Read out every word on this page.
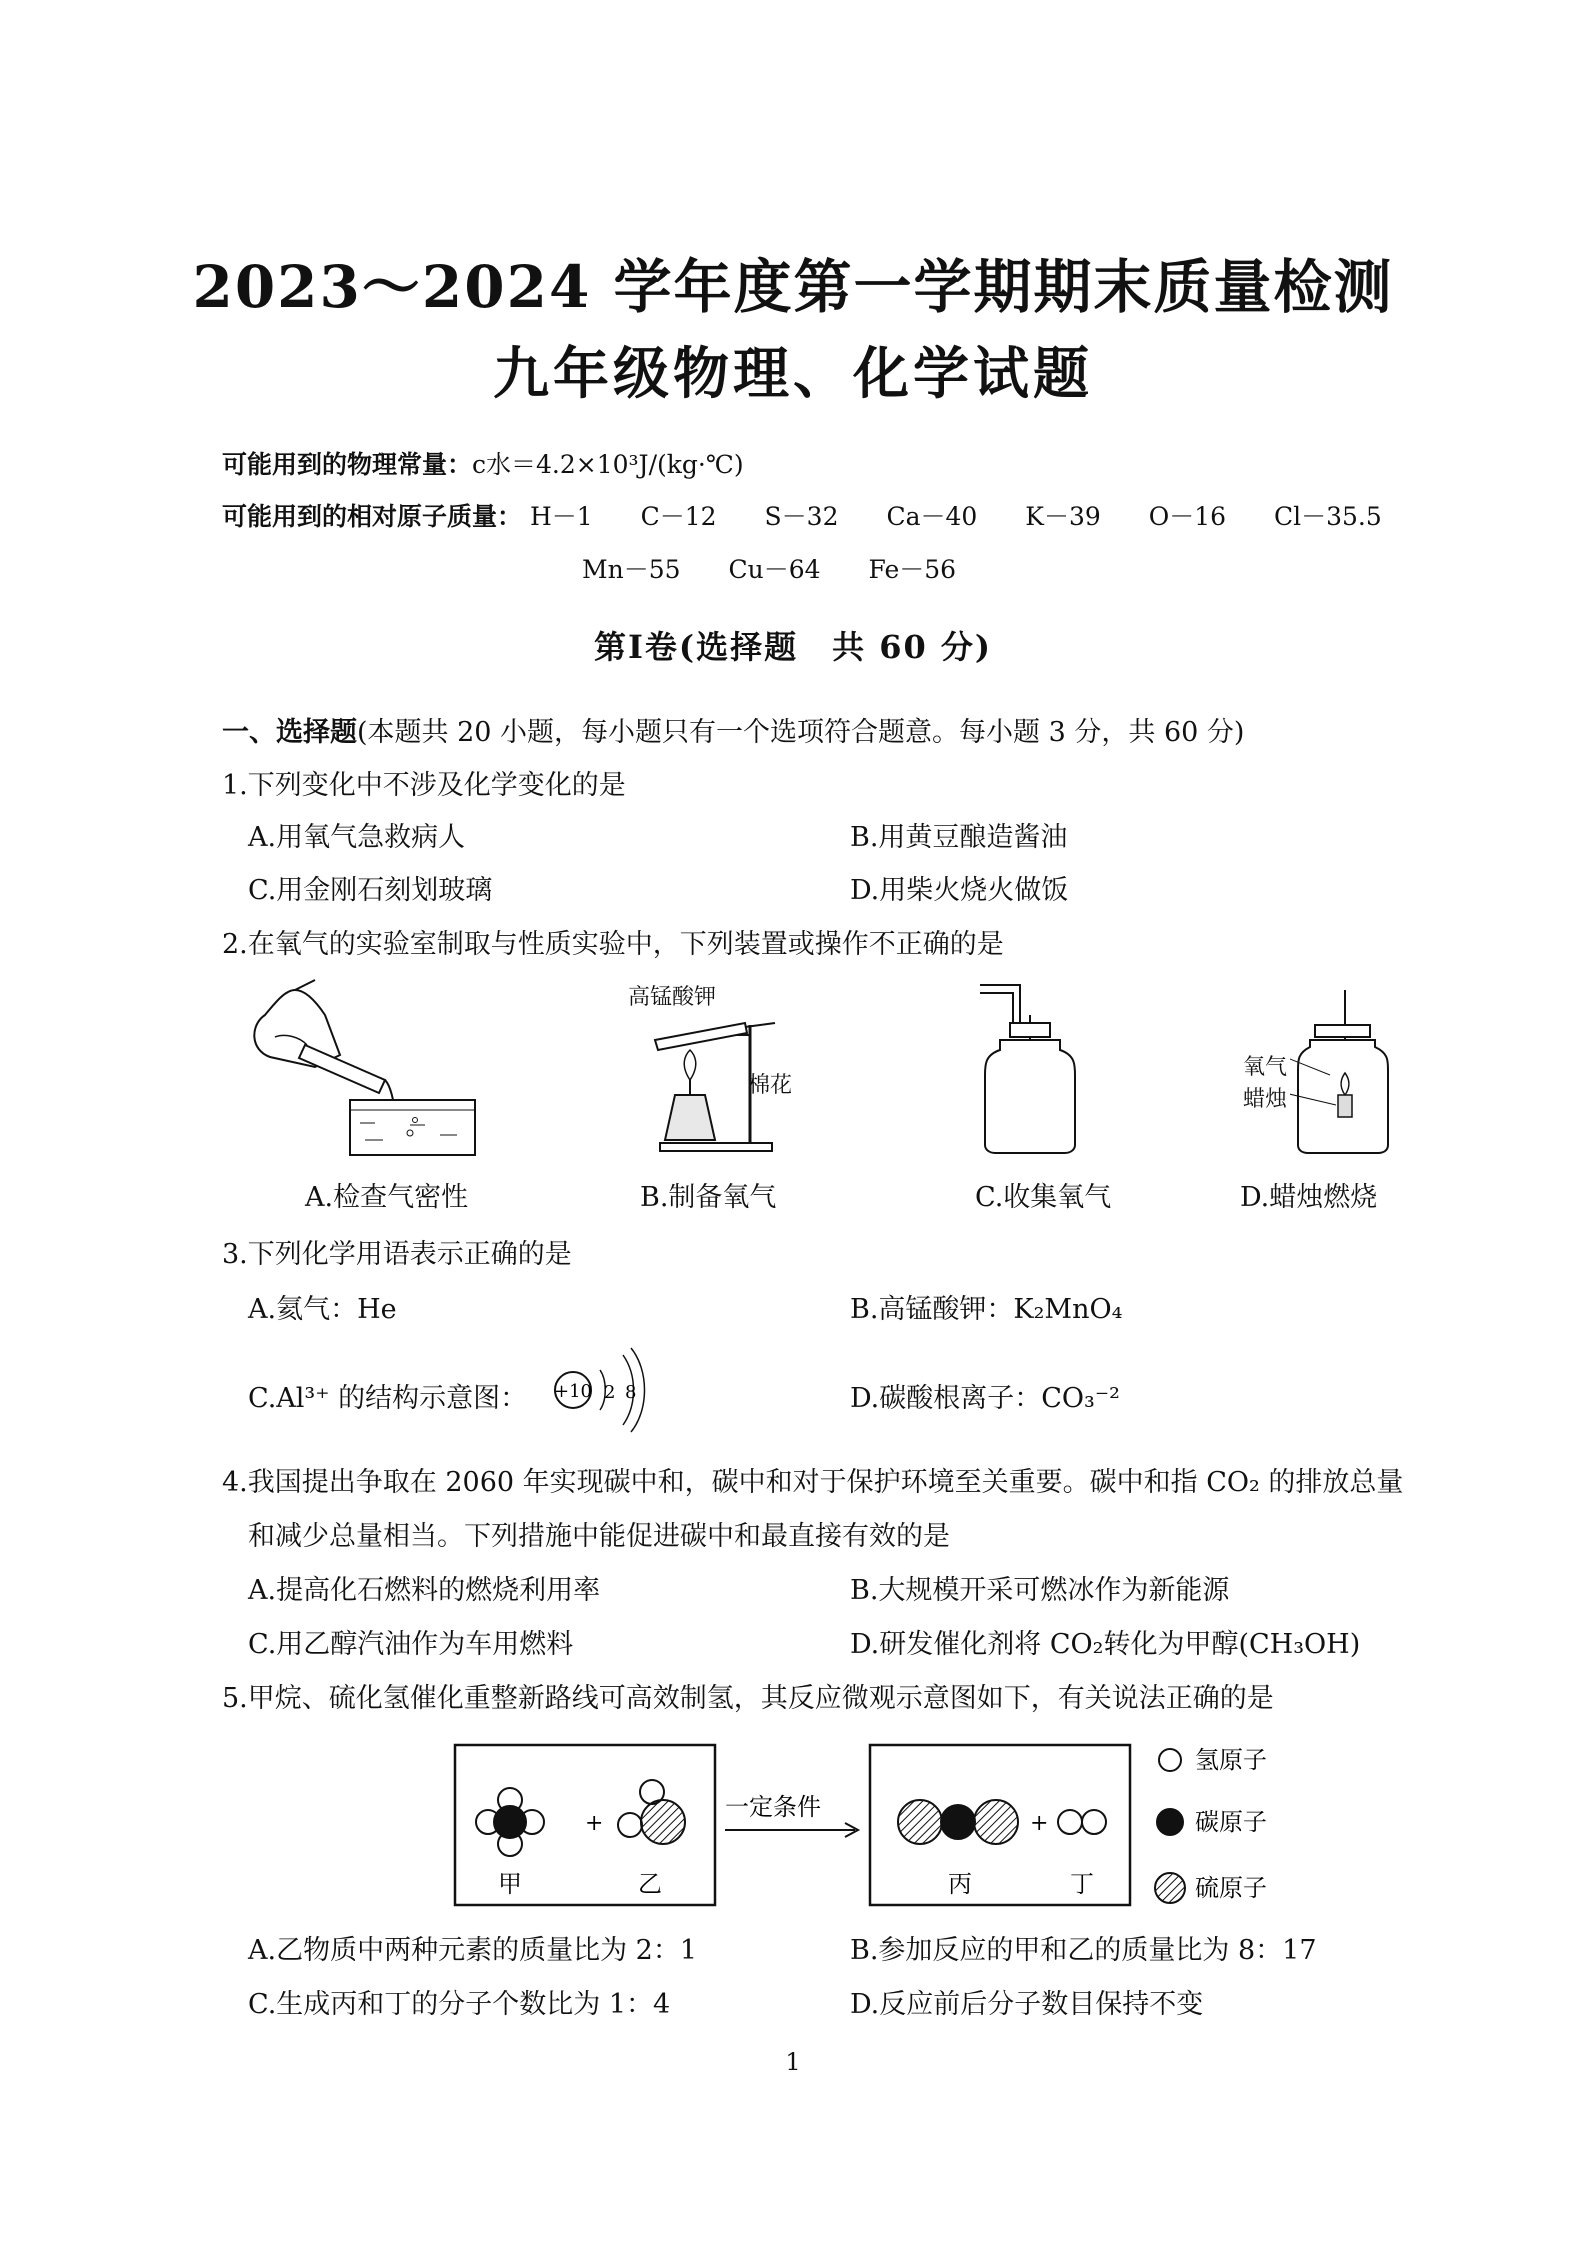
2023～2024 学年度第一学期期末质量检测
九年级物理、化学试题
可能用到的物理常量：c水＝4.2×10³J/(kg·℃)
可能用到的相对原子质量： H－1 C－12 S－32 Ca－40 K－39 O－16 Cl－35.5
Mn－55 Cu－64 Fe－56
第Ⅰ卷(选择题　共 60 分)
一、选择题(本题共 20 小题，每小题只有一个选项符合题意。每小题 3 分，共 60 分)
1.下列变化中不涉及化学变化的是
A.用氧气急救病人	B.用黄豆酿造酱油
C.用金刚石刻划玻璃	D.用柴火烧火做饭
2.在氧气的实验室制取与性质实验中，下列装置或操作不正确的是
高锰酸钾
棉花
氧气
蜡烛
A.检查气密性	B.制备氧气	C.收集氧气	D.蜡烛燃烧
3.下列化学用语表示正确的是
A.氦气：He	B.高锰酸钾：K₂MnO₄
C.Al³⁺ 的结构示意图： +10 2 8	D.碳酸根离子：CO₃⁻²
4.我国提出争取在 2060 年实现碳中和，碳中和对于保护环境至关重要。碳中和指 CO₂ 的排放总量
和减少总量相当。下列措施中能促进碳中和最直接有效的是
A.提高化石燃料的燃烧利用率	B.大规模开采可燃冰作为新能源
C.用乙醇汽油作为车用燃料	D.研发催化剂将 CO₂转化为甲醇(CH₃OH)
5.甲烷、硫化氢催化重整新路线可高效制氢，其反应微观示意图如下，有关说法正确的是
+
甲	乙
一定条件
+
丙	丁
氢原子
碳原子
硫原子
A.乙物质中两种元素的质量比为 2：1	B.参加反应的甲和乙的质量比为 8：17
C.生成丙和丁的分子个数比为 1：4	D.反应前后分子数目保持不变
1
